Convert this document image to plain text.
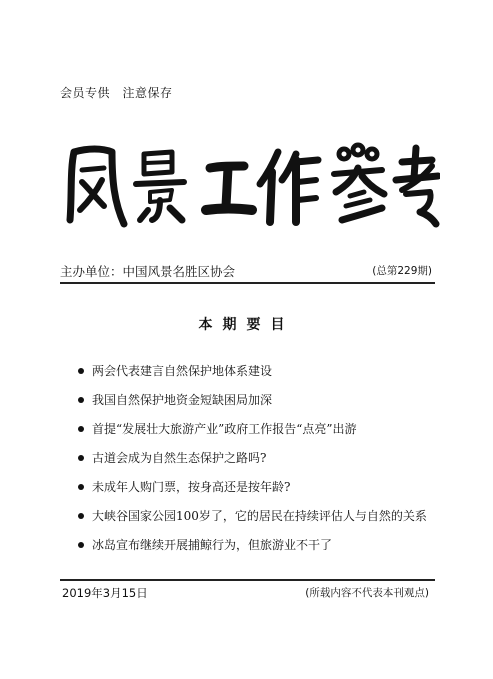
会员专供　注意保存
主办单位：中国风景名胜区协会	(总第229期)
本期要目
两会代表建言自然保护地体系建设
我国自然保护地资金短缺困局加深
首提“发展壮大旅游产业”政府工作报告“点亮”出游
古道会成为自然生态保护之路吗?
未成年人购门票，按身高还是按年龄?
大峡谷国家公园100岁了，它的居民在持续评估人与自然的关系
冰岛宣布继续开展捕鲸行为，但旅游业不干了
2019年3月15日	(所载内容不代表本刊观点)
